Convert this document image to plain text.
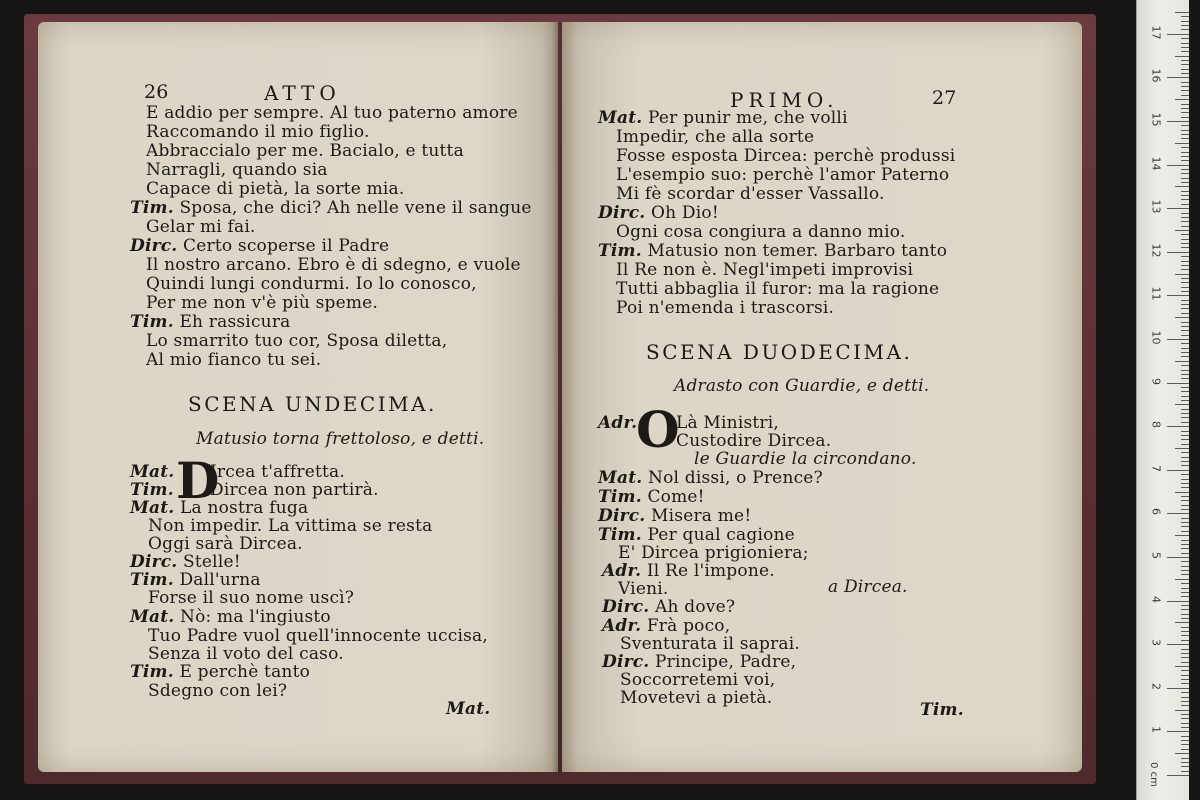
26	ATTO
E addio per sempre. Al tuo paterno amore
Raccomando il mio figlio.
Abbraccialo per me. Bacialo, e tutta
Narragli, quando sia
Capace di pietà, la sorte mia.
Tim. Sposa, che dici? Ah nelle vene il sangue
Gelar mi fai.
Dirc. Certo scoperse il Padre
Il nostro arcano. Ebro è di sdegno, e vuole
Quindi lungi condurmi. Io lo conosco,
Per me non v'è più speme.
Tim. Eh rassicura
Lo smarrito tuo cor, Sposa diletta,
Al mio fianco tu sei.
SCENA UNDECIMA.
Matusio torna frettoloso, e detti.
D
Mat. Ircea t'affretta.
Tim. Dircea non partirà.
Mat. La nostra fuga
Non impedir. La vittima se resta
Oggi sarà Dircea.
Dirc. Stelle!
Tim. Dall'urna
Forse il suo nome uscì?
Mat. Nò: ma l'ingiusto
Tuo Padre vuol quell'innocente uccisa,
Senza il voto del caso.
Tim. E perchè tanto
Sdegno con lei?
Mat.
PRIMO.	27
Mat. Per punir me, che volli
Impedir, che alla sorte
Fosse esposta Dircea: perchè produssi
L'esempio suo: perchè l'amor Paterno
Mi fè scordar d'esser Vassallo.
Dirc. Oh Dio!
Ogni cosa congiura a danno mio.
Tim. Matusio non temer. Barbaro tanto
Il Re non è. Negl'impeti improvisi
Tutti abbaglia il furor: ma la ragione
Poi n'emenda i trascorsi.
SCENA DUODECIMA.
Adrasto con Guardie, e detti.
O
Adr. Là Ministri,
Custodire Dircea.
le Guardie la circondano.
Mat. Nol dissi, o Prence?
Tim. Come!
Dirc. Misera me!
Tim. Per qual cagione
E' Dircea prigioniera;
Adr. Il Re l'impone.
Vieni.	a Dircea.
Dirc. Ah dove?
Adr. Frà poco,
Sventurata il saprai.
Dirc. Principe, Padre,
Soccorretemi voi,
Movetevi a pietà.
Tim.
0 cm
1
2
3
4
5
6
7
8
9
10
11
12
13
14
15
16
17
